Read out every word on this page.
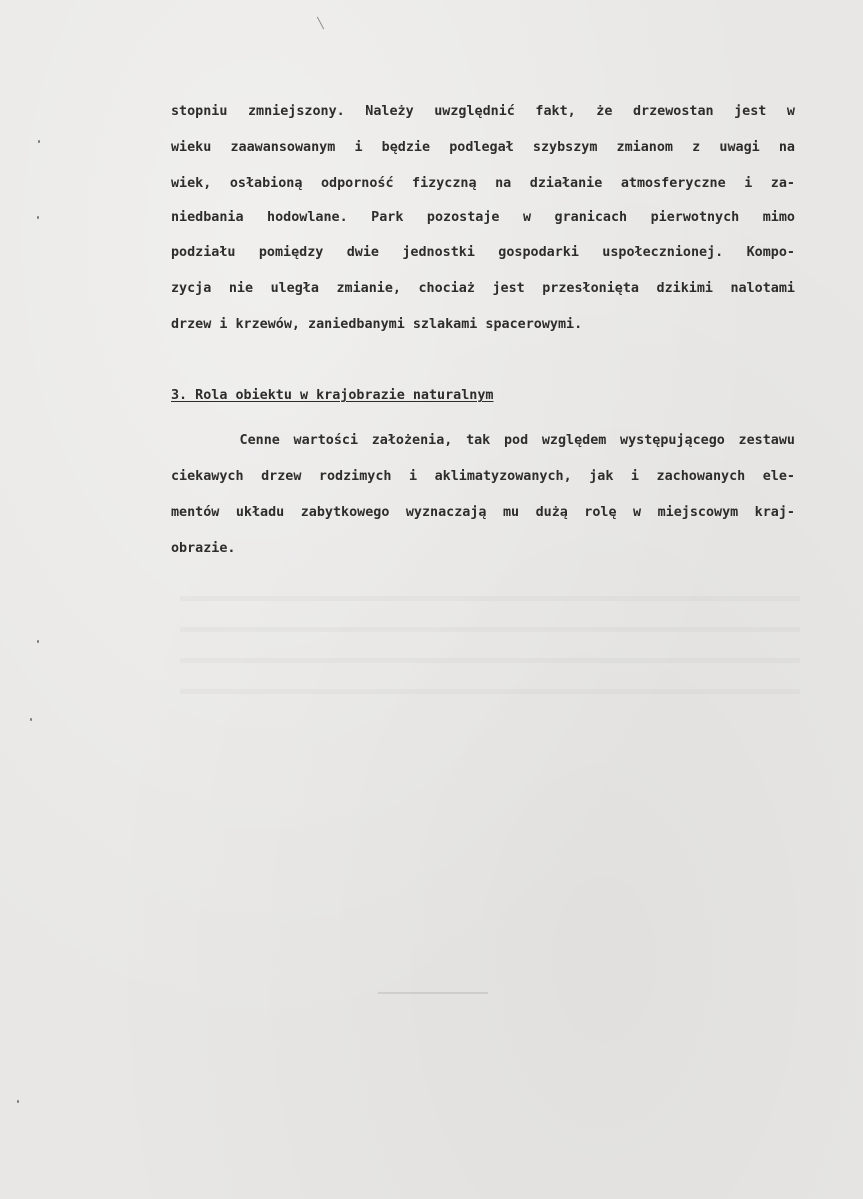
stopniu zmniejszony. Należy uwzględnić fakt, że drzewostan jest w

wieku zaawansowanym i będzie podlegał szybszym zmianom z uwagi na

wiek, osłabioną odporność fizyczną na działanie atmosferyczne i za-

niedbania hodowlane. Park pozostaje w granicach pierwotnych mimo

podziału pomiędzy dwie jednostki gospodarki uspołecznionej. Kompo-

zycja nie uległa zmianie, chociaż jest przesłonięta dzikimi nalotami

drzew i krzewów, zaniedbanymi szlakami spacerowymi.

3. Rola obiektu w krajobrazie naturalnym

Cenne wartości założenia, tak pod względem występującego zestawu

ciekawych drzew rodzimych i aklimatyzowanych, jak i zachowanych ele-

mentów układu zabytkowego wyznaczają mu dużą rolę w miejscowym kraj-

obrazie.
